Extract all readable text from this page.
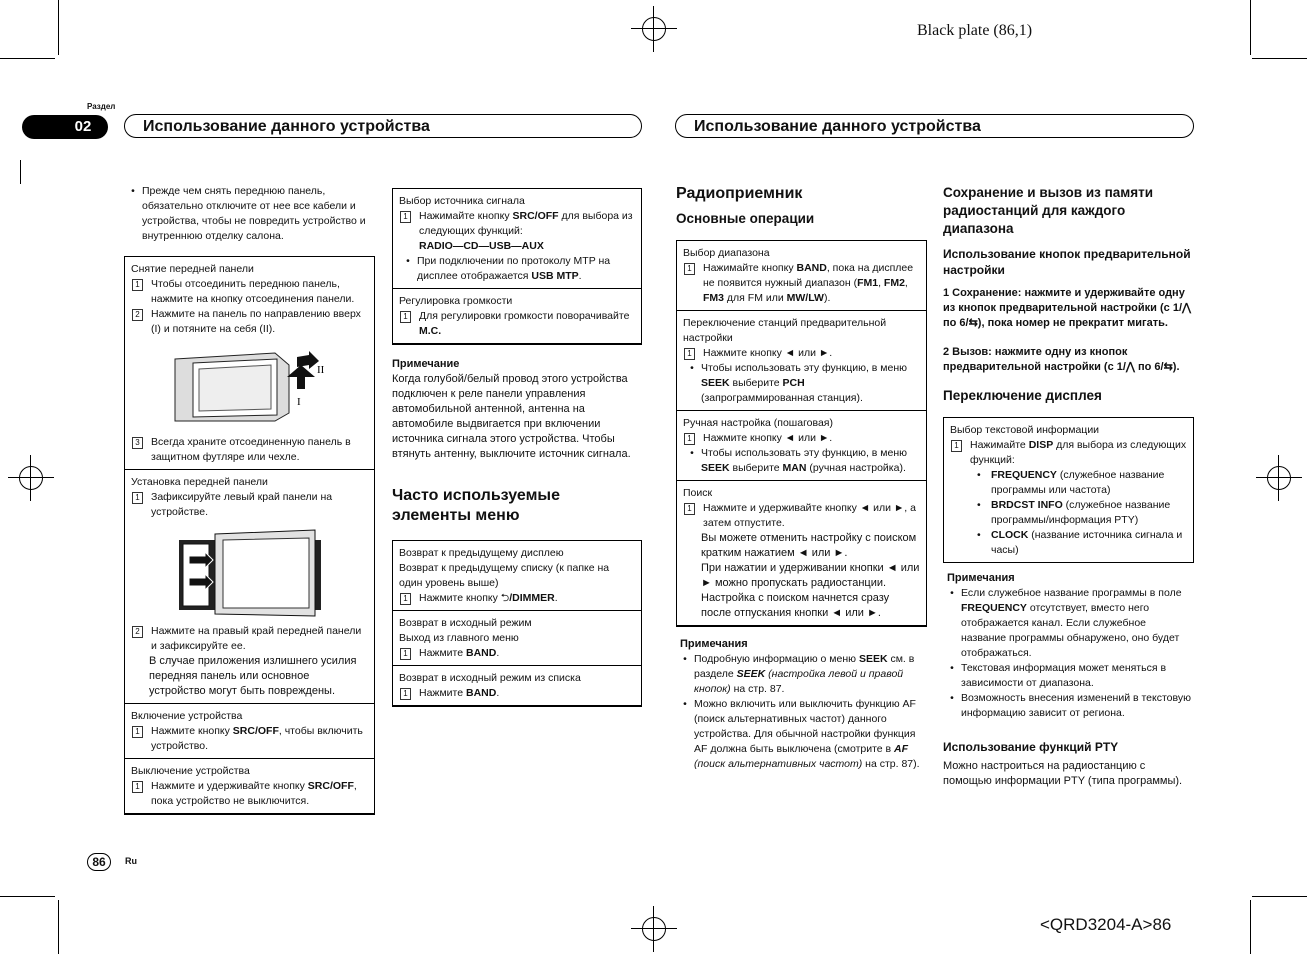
Black plate (86,1)
<QRD3204-A>86
Раздел
02	Использование данного устройства	Использование данного устройства
• Прежде чем снять переднюю панель, обязательно отключите от нее все кабели и устройства, чтобы не повредить устройство и внутреннюю отделку салона.
Снятие передней панели
1	Чтобы отсоединить переднюю панель, нажмите на кнопку отсоединения панели.
2	Нажмите на панель по направлению вверх (I) и потяните на себя (II).
II
I
3	Всегда храните отсоединенную панель в защитном футляре или чехле.
Установка передней панели
1	Зафиксируйте левый край панели на устройстве.
2	Нажмите на правый край передней панели и зафиксируйте ее.
В случае приложения излишнего усилия передняя панель или основное устройство могут быть повреждены.
Включение устройства
1	Нажмите кнопку SRC/OFF, чтобы включить устройство.
Выключение устройства
1	Нажмите и удерживайте кнопку SRC/OFF, пока устройство не выключится.
Выбор источника сигнала
1	Нажимайте кнопку SRC/OFF для выбора из следующих функций:
RADIO—CD—USB—AUX
• При подключении по протоколу MTP на дисплее отображается USB MTP.
Регулировка громкости
1	Для регулировки громкости поворачивайте M.C.
Примечание
Когда голубой/белый провод этого устройства подключен к реле панели управления автомобильной антенной, антенна на автомобиле выдвигается при включении источника сигнала этого устройства. Чтобы втянуть антенну, выключите источник сигнала.
Часто используемые элементы меню
Возврат к предыдущему дисплею
Возврат к предыдущему списку (к папке на один уровень выше)
1	Нажмите кнопку ⮌/DIMMER.
Возврат в исходный режим
Выход из главного меню
1	Нажмите BAND.
Возврат в исходный режим из списка
1	Нажмите BAND.
Радиоприемник
Основные операции
Выбор диапазона
1	Нажимайте кнопку BAND, пока на дисплее не появится нужный диапазон (FM1, FM2, FM3 для FM или MW/LW).
Переключение станций предварительной настройки
1	Нажмите кнопку ◄ или ►.
• Чтобы использовать эту функцию, в меню SEEK выберите PCH (запрограммированная станция).
Ручная настройка (пошаговая)
1	Нажмите кнопку ◄ или ►.
• Чтобы использовать эту функцию, в меню SEEK выберите MAN (ручная настройка).
Поиск
1	Нажмите и удерживайте кнопку ◄ или ►, а затем отпустите.
Вы можете отменить настройку с поиском кратким нажатием ◄ или ►.
При нажатии и удерживании кнопки ◄ или ► можно пропускать радиостанции. Настройка с поиском начнется сразу после отпускания кнопки ◄ или ►.
Примечания
• Подробную информацию о меню SEEK см. в разделе SEEK (настройка левой и правой кнопок) на стр. 87.
• Можно включить или выключить функцию AF (поиск альтернативных частот) данного устройства. Для обычной настройки функция AF должна быть выключена (смотрите в AF (поиск альтернативных частот) на стр. 87).
Сохранение и вызов из памяти радиостанций для каждого диапазона
Использование кнопок предварительной настройки
1 Сохранение: нажмите и удерживайте одну из кнопок предварительной настройки (с 1/⋀ по 6/⇆), пока номер не прекратит мигать.
2 Вызов: нажмите одну из кнопок предварительной настройки (с 1/⋀ по 6/⇆).
Переключение дисплея
Выбор текстовой информации
1	Нажимайте DISP для выбора из следующих функций:
• FREQUENCY (служебное название программы или частота)
• BRDCST INFO (служебное название программы/информация PTY)
• CLOCK (название источника сигнала и часы)
Примечания
• Если служебное название программы в поле FREQUENCY отсутствует, вместо него отображается канал. Если служебное название программы обнаружено, оно будет отображаться.
• Текстовая информация может меняться в зависимости от диапазона.
• Возможность внесения изменений в текстовую информацию зависит от региона.
Использование функций PTY
Можно настроиться на радиостанцию с помощью информации PTY (типа программы).
86	Ru
